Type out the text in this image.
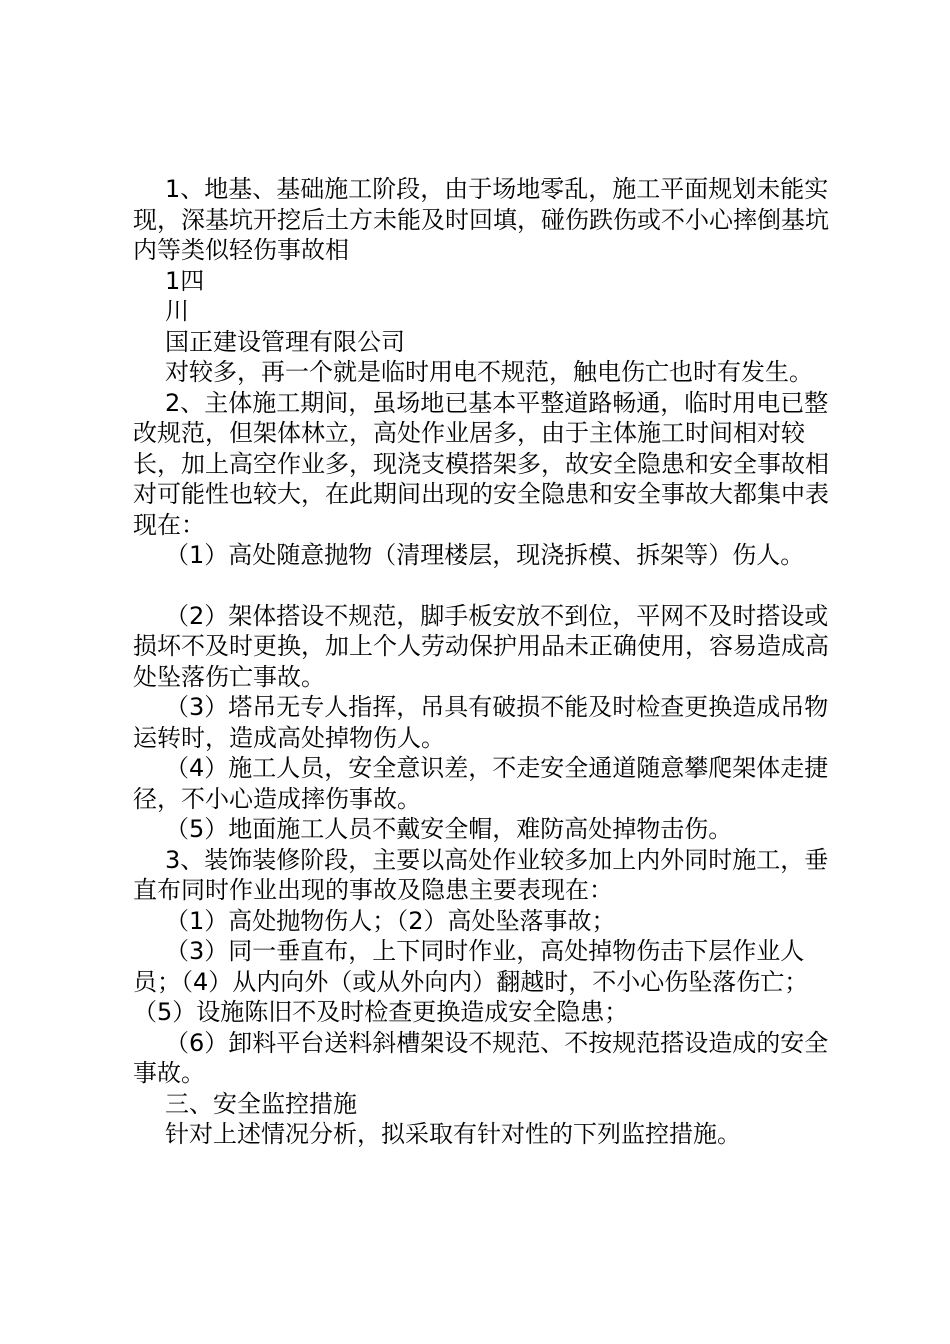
1、地基、基础施工阶段，由于场地零乱，施工平面规划未能实现，深基坑开挖后土方未能及时回填，碰伤跌伤或不小心摔倒基坑内等类似轻伤事故相

1四

川

国正建设管理有限公司

对较多，再一个就是临时用电不规范，触电伤亡也时有发生。

2、主体施工期间，虽场地已基本平整道路畅通，临时用电已整改规范，但架体林立，高处作业居多，由于主体施工时间相对较长，加上高空作业多，现浇支模搭架多，故安全隐患和安全事故相对可能性也较大，在此期间出现的安全隐患和安全事故大都集中表现在：

（1）高处随意抛物（清理楼层，现浇拆模、拆架等）伤人。

（2）架体搭设不规范，脚手板安放不到位，平网不及时搭设或损坏不及时更换，加上个人劳动保护用品未正确使用，容易造成高处坠落伤亡事故。

（3）塔吊无专人指挥，吊具有破损不能及时检查更换造成吊物运转时，造成高处掉物伤人。

（4）施工人员，安全意识差，不走安全通道随意攀爬架体走捷径，不小心造成摔伤事故。

（5）地面施工人员不戴安全帽，难防高处掉物击伤。

3、装饰装修阶段，主要以高处作业较多加上内外同时施工，垂直布同时作业出现的事故及隐患主要表现在：

（1）高处抛物伤人；（2）高处坠落事故；

（3）同一垂直布，上下同时作业，高处掉物伤击下层作业人员；（4）从内向外（或从外向内）翻越时，不小心伤坠落伤亡；（5）设施陈旧不及时检查更换造成安全隐患；

（6）卸料平台送料斜槽架设不规范、不按规范搭设造成的安全事故。

三、安全监控措施

针对上述情况分析，拟采取有针对性的下列监控措施。
